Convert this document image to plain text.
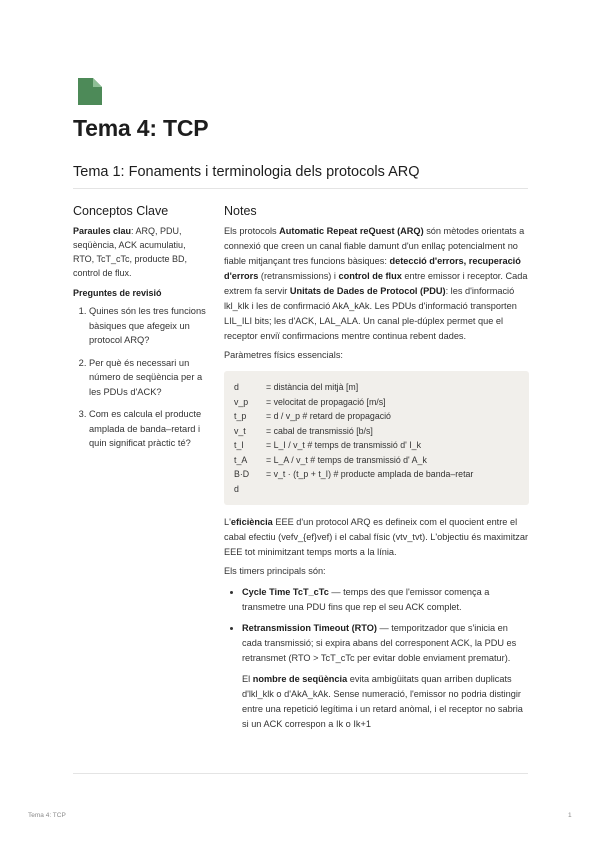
Tema 4: TCP
Tema 1: Fonaments i terminologia dels protocols ARQ
Conceptos Clave

Paraules clau: ARQ, PDU, seqüència, ACK acumulatiu, RTO, TcT_cTc, producte BD, control de flux.

Preguntes de revisió

1. Quines són les tres funcions bàsiques que afegeix un protocol ARQ?
2. Per què és necessari un número de seqüència per a les PDUs d'ACK?
3. Com es calcula el producte amplada de banda–retard i quin significat pràctic té?
Notes

Els protocols Automatic Repeat reQuest (ARQ) són mètodes orientats a connexió que creen un canal fiable damunt d'un enllaç potencialment no fiable mitjançant tres funcions bàsiques: detecció d'errors, recuperació d'errors (retransmissions) i control de flux entre emissor i receptor. Cada extrem fa servir Unitats de Dades de Protocol (PDU): les d'informació lkl_klk i les de confirmació AkA_kAk. Les PDUs d'informació transporten LIL_ILI bits; les d'ACK, LAL_ALA. Un canal ple-dúplex permet que el receptor enviï confirmacions mentre continua rebent dades.

Paràmetres físics essencials:

d	= distància del mitjà [m]
v_p	= velocitat de propagació [m/s]
t_p	= d / v_p # retard de propagació
v_t	= cabal de transmissió [b/s]
t_I	= L_I / v_t # temps de transmissió d' I_k
t_A	= L_A / v_t # temps de transmissió d' A_k
B·D	= v_t · (t_p + t_I) # producte amplada de banda–retar
d

L'eficiència EEE d'un protocol ARQ es defineix com el quocient entre el cabal efectiu (vefv_{ef}vef) i el cabal físic (vtv_tvt). L'objectiu és maximitzar EEE tot minimitzant temps morts a la línia.

Els timers principals són:

• Cycle Time TcT_cTc — temps des que l'emissor comença a transmetre una PDU fins que rep el seu ACK complet.
• Retransmission Timeout (RTO) — temporitzador que s'inicia en cada transmissió; si expira abans del corresponent ACK, la PDU es retransmet (RTO > TcT_cTc per evitar doble enviament prematur).

El nombre de seqüència evita ambigüitats quan arriben duplicats d'lkl_klk o d'AkA_kAk. Sense numeració, l'emissor no podria distingir entre una repetició legítima i un retard anòmal, i el receptor no sabria si un ACK correspon a Ik o Ik+1

Tema 4: TCP	1
